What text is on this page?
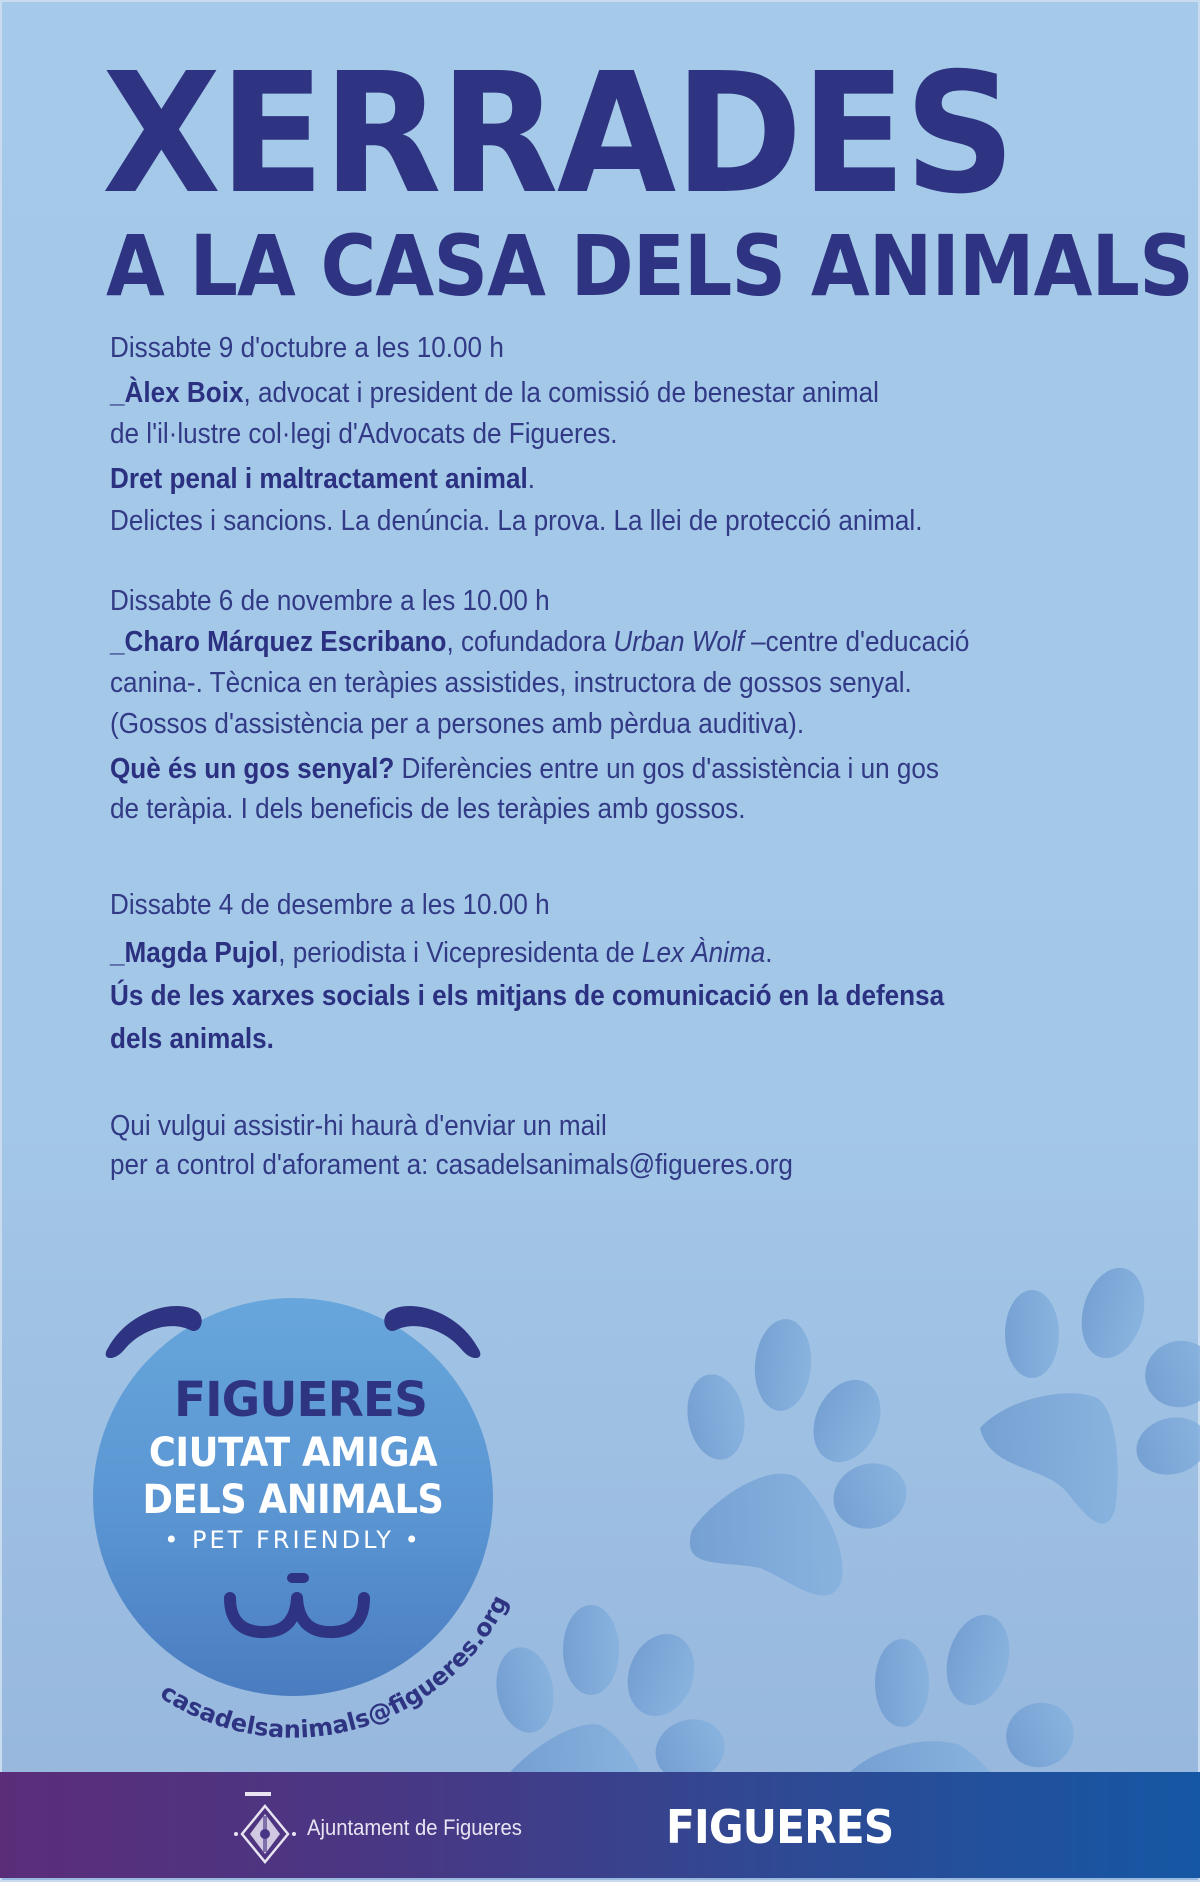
XERRADES
A LA CASA DELS ANIMALS
Dissabte 9 d'octubre a les 10.00 h
_Àlex Boix, advocat i president de la comissió de benestar animal
de l'il·lustre col·legi d'Advocats de Figueres.
Dret penal i maltractament animal.
Delictes i sancions. La denúncia. La prova. La llei de protecció animal.
Dissabte 6 de novembre a les 10.00 h
_Charo Márquez Escribano, cofundadora Urban Wolf –centre d'educació
canina-. Tècnica en teràpies assistides, instructora de gossos senyal.
(Gossos d'assistència per a persones amb pèrdua auditiva).
Què és un gos senyal? Diferències entre un gos d'assistència i un gos
de teràpia. I dels beneficis de les teràpies amb gossos.
Dissabte 4 de desembre a les 10.00 h
_Magda Pujol, periodista i Vicepresidenta de Lex Ànima.
Ús de les xarxes socials i els mitjans de comunicació en la defensa
dels animals.
Qui vulgui assistir-hi haurà d'enviar un mail
per a control d'aforament a: casadelsanimals@figueres.org
casadelsanimals@figueres.org
FIGUERES
CIUTAT AMIGA
DELS ANIMALS
• PET FRIENDLY •
Ajuntament de Figueres	FIGUERES
